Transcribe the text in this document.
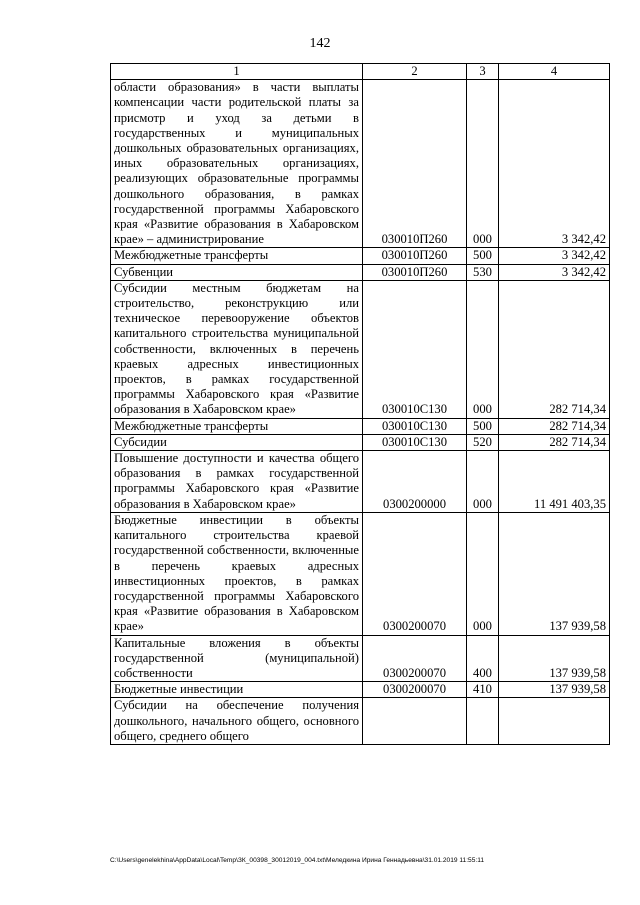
142
1	2	3	4
области образования» в части выплаты компенсации части родительской платы за присмотр и уход за детьми в государственных и муниципальных дошкольных образовательных организациях, иных образовательных организациях, реализующих образовательные программы дошкольного образования, в рамках государственной программы Хабаровского края «Развитие образования в Хабаровском крае» – администрирование	030010П260	000	3 342,42
Межбюджетные трансферты	030010П260	500	3 342,42
Субвенции	030010П260	530	3 342,42
Субсидии местным бюджетам на строительство, реконструкцию или техническое перевооружение объектов капитального строительства муниципальной собственности, включенных в перечень краевых адресных инвестиционных проектов, в рамках государственной программы Хабаровского края «Развитие образования в Хабаровском крае»	030010С130	000	282 714,34
Межбюджетные трансферты	030010С130	500	282 714,34
Субсидии	030010С130	520	282 714,34
Повышение доступности и качества общего образования в рамках государственной программы Хабаровского края «Развитие образования в Хабаровском крае»	0300200000	000	11 491 403,35
Бюджетные инвестиции в объекты капитального строительства краевой государственной собственности, включенные в перечень краевых адресных инвестиционных проектов, в рамках государственной программы Хабаровского края «Развитие образования в Хабаровском крае»	0300200070	000	137 939,58
Капитальные вложения в объекты государственной (муниципальной) собственности	0300200070	400	137 939,58
Бюджетные инвестиции	0300200070	410	137 939,58
Субсидии на обеспечение получения дошкольного, начального общего, основного общего, среднего общего			
C:\Users\genelekhina\AppData\Local\Temp\ЗК_00398_30012019_004.txt\Меледкина Ирина Геннадьевна\31.01.2019 11:55:11
